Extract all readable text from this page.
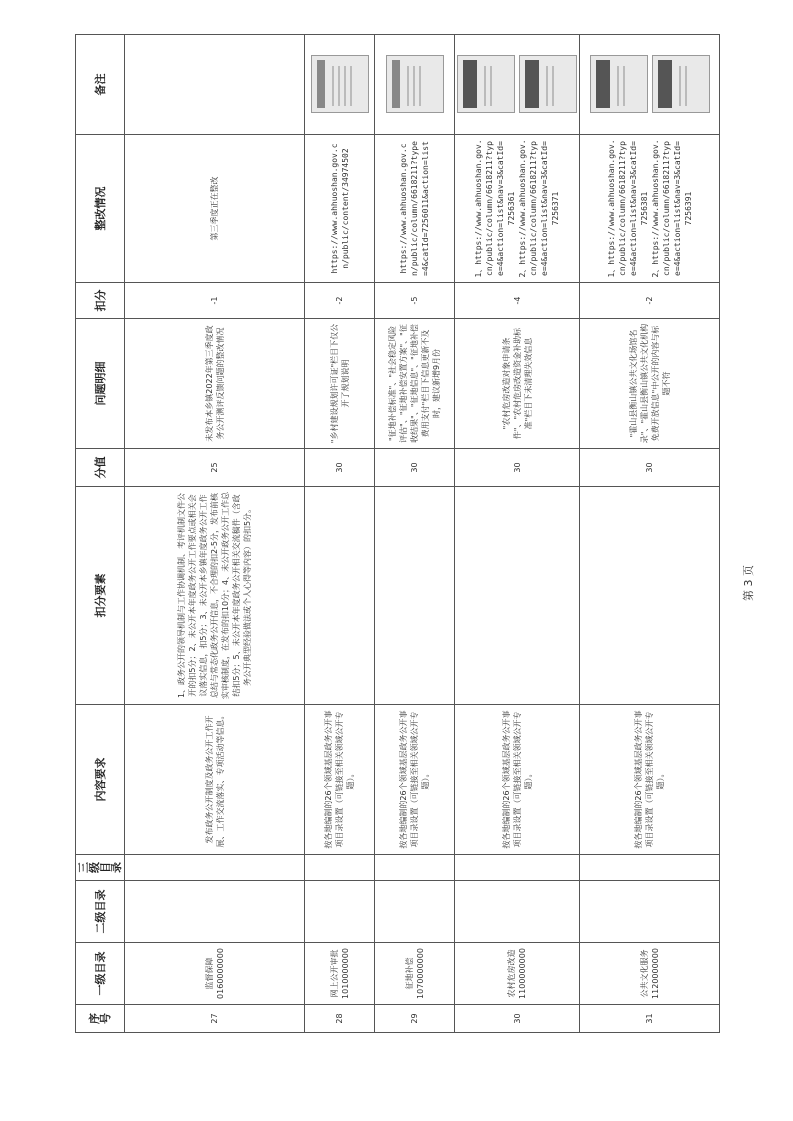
序号	一级目录	二级目录	三级目录	内容要求	扣分要素	分值	问题明细	扣分	整改情况	备注
27	监督保障 0160000000			发布政务公开制度及政务公开工作开展、工作交流落实、专项活动等信息。	1、政务公开的领导机制与工作协调机制、考评机制文件公开的扣5分；2、未公开本年度政务公开工作要点或相关会议落实信息，扣5分；3、未公开本乡镇年度政务公开工作总结与常态化政务公开信息，不合理的扣2-5分，发布前核实审核制度，在发布的扣10分；4、未公开政务公开工作总结扣5分；5、未公开本年度政务公开相关交流稿件（含政务公开典型经验做法或个人心得等内容）的扣5分。	25	未发布本乡镇2022年第三季度政务公开测评反馈问题的整改情况	-1	第三季度正在整改	
28	网上公开审批 1010000000			按各地编制的26个领域基层政务公开事项目录设置（可链接至相关领域公开专题）。		30	"乡村建设规划许可证"栏目下仅公开了规划说明	-2	https://www.ahhuoshan.gov.cn/public/content/34974502	

29	征地补偿 1070000000			按各地编制的26个领域基层政务公开事项目录设置（可链接至相关领域公开专题）。		30	"征地补偿标准"、"社会稳定风险评估"、"征地补偿安置方案"、"征收结果"、"征地信息"、"征地补偿费用支付"栏目下信息更新不及时，建议新增9月份	-5	https://www.ahhuoshan.gov.cn/public/column/6618211?type=4&catId=7256011&action=list	

30	农村危房改造 1100000000			按各地编制的26个领域基层政务公开事项目录设置（可链接至相关领域公开专题）。		30	"农村危房改造对象申请条件"、"农村危房改造资金补助标准"栏目下未清理失效信息	-4	1、https://www.ahhuoshan.gov.cn/public/column/6618211?type=4&action=list&nav=3&catId=7256361 2、https://www.ahhuoshan.gov.cn/public/column/6618211?type=4&action=list&nav=3&catId=7256371	

31	公共文化服务 1120000000			按各地编制的26个领域基层政务公开事项目录设置（可链接至相关领域公开专题）。		30	"霍山县衡山镇公共文化场馆名录"、"霍山县衡山镇公共文化机构免费开放信息"中公开的内容与标题不符	-2	1、https://www.ahhuoshan.gov.cn/public/column/6618211?type=4&action=list&nav=3&catId=7256381 2、https://www.ahhuoshan.gov.cn/public/column/6618211?type=4&action=list&nav=3&catId=7256391	

第 3 页
